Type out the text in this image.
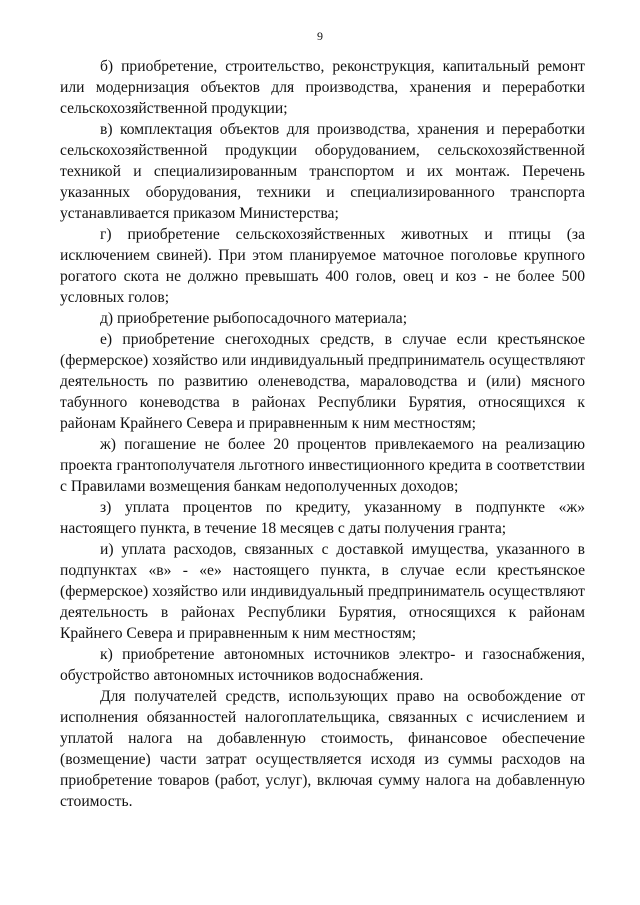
9

б) приобретение, строительство, реконструкция, капитальный ремонт или модернизация объектов для производства, хранения и переработки сельскохозяйственной продукции;

в) комплектация объектов для производства, хранения и переработки сельскохозяйственной продукции оборудованием, сельскохозяйственной техникой и специализированным транспортом и их монтаж. Перечень указанных оборудования, техники и специализированного транспорта устанавливается приказом Министерства;

г) приобретение сельскохозяйственных животных и птицы (за исключением свиней). При этом планируемое маточное поголовье крупного рогатого скота не должно превышать 400 голов, овец и коз - не более 500 условных голов;

д) приобретение рыбопосадочного материала;

е) приобретение снегоходных средств, в случае если крестьянское (фермерское) хозяйство или индивидуальный предприниматель осуществляют деятельность по развитию оленеводства, мараловодства и (или) мясного табунного коневодства в районах Республики Бурятия, относящихся к районам Крайнего Севера и приравненным к ним местностям;

ж) погашение не более 20 процентов привлекаемого на реализацию проекта грантополучателя льготного инвестиционного кредита в соответствии с Правилами возмещения банкам недополученных доходов;

з) уплата процентов по кредиту, указанному в подпункте «ж» настоящего пункта, в течение 18 месяцев с даты получения гранта;

и) уплата расходов, связанных с доставкой имущества, указанного в подпунктах «в» - «е» настоящего пункта, в случае если крестьянское (фермерское) хозяйство или индивидуальный предприниматель осуществляют деятельность в районах Республики Бурятия, относящихся к районам Крайнего Севера и приравненным к ним местностям;

к) приобретение автономных источников электро- и газоснабжения, обустройство автономных источников водоснабжения.

Для получателей средств, использующих право на освобождение от исполнения обязанностей налогоплательщика, связанных с исчислением и уплатой налога на добавленную стоимость, финансовое обеспечение (возмещение) части затрат осуществляется исходя из суммы расходов на приобретение товаров (работ, услуг), включая сумму налога на добавленную стоимость.
